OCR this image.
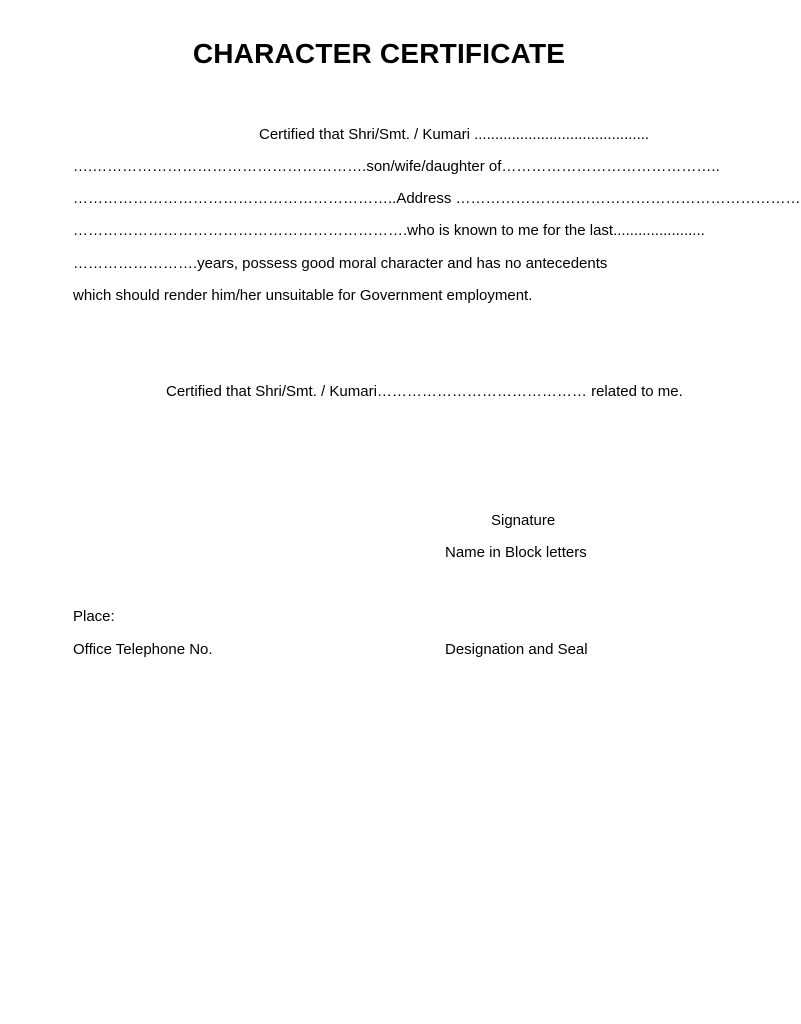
CHARACTER CERTIFICATE
Certified that Shri/Smt. / Kumari ..........................................
….……………………………………………….son/wife/daughter of……………………………………..
………………………………………………………..Address ……………………………………………………………
………………………………………………………….who is known to me for the last......................
…………………….years, possess good moral character and has no antecedents
which should render him/her unsuitable for Government employment.
Certified that Shri/Smt. / Kumari…………………………………… related to me.
Signature
Name in Block letters
Place:
Office Telephone No.	Designation and Seal
